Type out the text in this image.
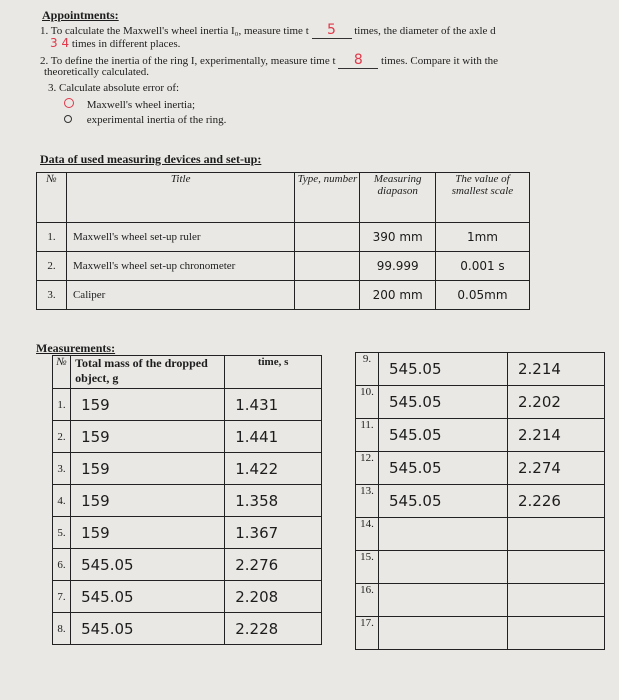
Appointments:
1. To calculate the Maxwell's wheel inertia I₀, measure time t 5 times, the diameter of the axle d
3 4 times in different places.
2. To define the inertia of the ring I, experimentally, measure time t 8 times. Compare it with the
theoretically calculated.
3. Calculate absolute error of:
Maxwell's wheel inertia;
experimental inertia of the ring.
Data of used measuring devices and set-up:
№	Title	Type, number	Measuring diapason	The value of smallest scale
1.	Maxwell's wheel set-up ruler		390 mm	1mm
2.	Maxwell's wheel set-up chronometer		99.999	0.001 s
3.	Caliper		200 mm	0.05mm
Measurements:
№	Total mass of the dropped object, g	time, s
1.	159	1.431
2.	159	1.441
3.	159	1.422
4.	159	1.358
5.	159	1.367
6.	545.05	2.276
7.	545.05	2.208
8.	545.05	2.228
9.	545.05	2.214
10.	545.05	2.202
11.	545.05	2.214
12.	545.05	2.274
13.	545.05	2.226
14.		
15.		
16.		
17.		
